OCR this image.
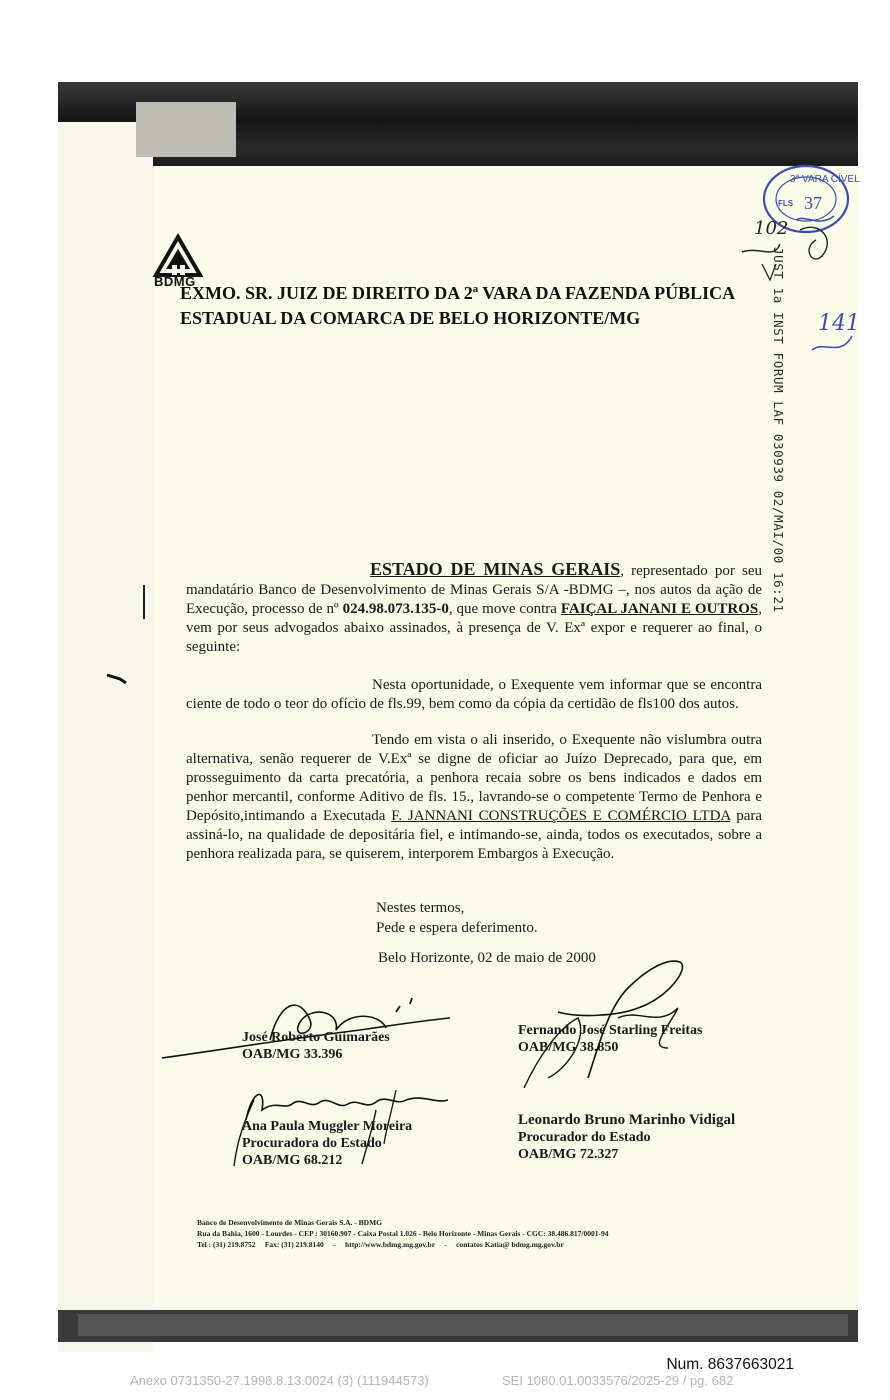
BDMG
EXMO. SR. JUIZ DE DIREITO DA 2ª VARA DA FAZENDA PÚBLICA
ESTADUAL DA COMARCA DE BELO HORIZONTE/MG
3ª VARA CÍVEL
FLS 37
102
141
JUST 1a INST FORUM LAF 030939 02/MAI/00 16:21
ESTADO DE MINAS GERAIS, representado por seu mandatário Banco de Desenvolvimento de Minas Gerais S/A -BDMG –, nos autos da ação de Execução, processo de nº 024.98.073.135-0, que move contra FAIÇAL JANANI E OUTROS, vem por seus advogados abaixo assinados, à presença de V. Exª expor e requerer ao final, o seguinte:
Nesta oportunidade, o Exequente vem informar que se encontra ciente de todo o teor do ofício de fls.99, bem como da cópia da certidão de fls100 dos autos.
Tendo em vista o ali inserido, o Exequente não vislumbra outra alternativa, senão requerer de V.Exª se digne de oficiar ao Juízo Deprecado, para que, em prosseguimento da carta precatória, a penhora recaia sobre os bens indicados e dados em penhor mercantil, conforme Aditivo de fls. 15., lavrando-se o competente Termo de Penhora e Depósito,intimando a Executada F. JANNANI CONSTRUÇÕES E COMÉRCIO LTDA para assiná-lo, na qualidade de depositária fiel, e intimando-se, ainda, todos os executados, sobre a penhora realizada para, se quiserem, interporem Embargos à Execução.
Nestes termos,
Pede e espera deferimento.
Belo Horizonte, 02 de maio de 2000
José Roberto Guimarães
OAB/MG 33.396
Fernando José Starling Freitas
OAB/MG 38.850
Ana Paula Muggler Moreira
Procuradora do Estado
OAB/MG 68.212
Leonardo Bruno Marinho Vidigal
Procurador do Estado
OAB/MG 72.327
Banco de Desenvolvimento de Minas Gerais S.A. - BDMG
Rua da Bahia, 1600 - Lourdes - CEP : 30160.907 - Caixa Postal 1.026 - Belo Horizonte - Minas Gerais - CGC: 38.486.817/0001-94
Tel : (31) 219.8752     Fax: (31) 219.8140     -     http://www.bdmg.mg.gov.br     -     contatos Katia@ bdmg.mg.gov.br
Num. 8637663021
Anexo 0731350-27.1998.8.13.0024 (3) (111944573)	SEI 1080.01.0033576/2025-29 / pg. 682
